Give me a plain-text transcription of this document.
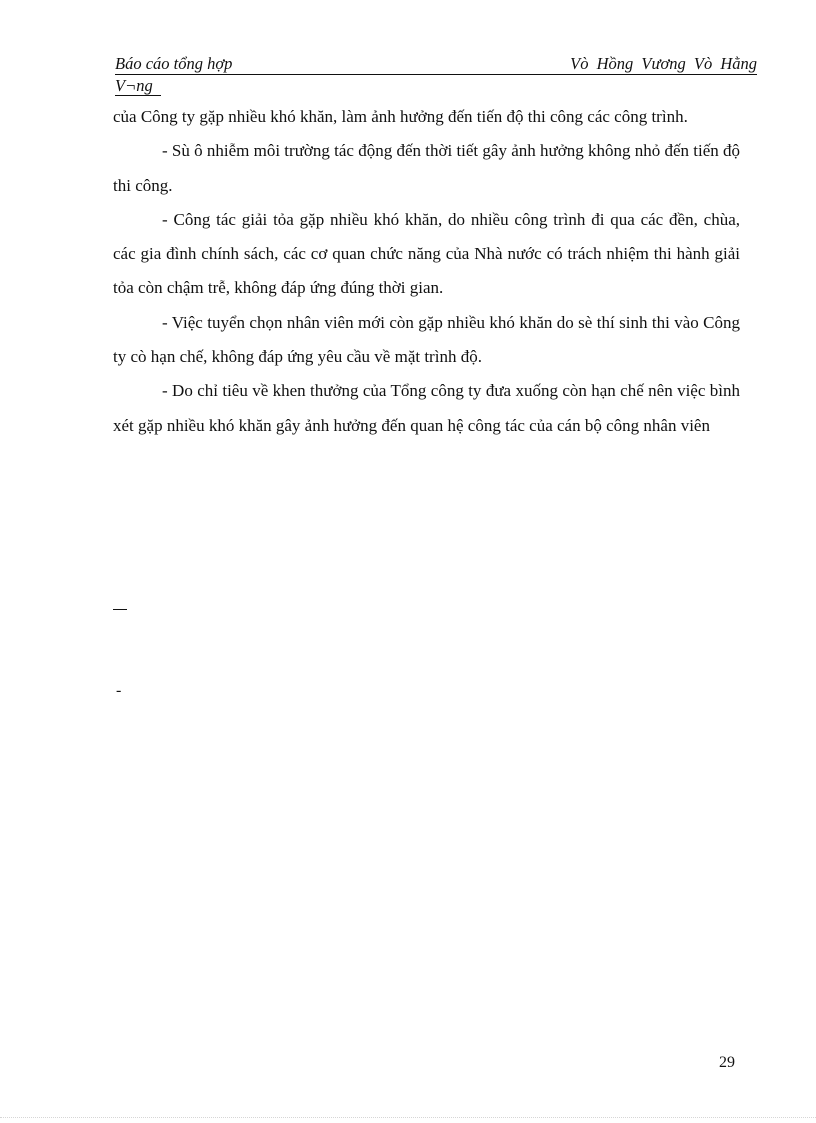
Báo cáo tổng hợp	Vò Hồng Vương Vò Hằng
V¬ng

của Công ty gặp nhiều khó khăn, làm ảnh hưởng đến tiến độ thi công các công trình.

- Sù ô nhiễm môi trường tác động đến thời tiết gây ảnh hưởng không nhỏ đến tiến độ thi công.

- Công tác giải tỏa gặp nhiều khó khăn, do nhiều công trình đi qua các đền, chùa, các gia đình chính sách, các cơ quan chức năng của Nhà nước có trách nhiệm thi hành giải tỏa còn chậm trễ, không đáp ứng đúng thời gian.

- Việc tuyển chọn nhân viên mới còn gặp nhiều khó khăn do sè thí sinh thi vào Công ty cò hạn chế, không đáp ứng yêu cầu về mặt trình độ.

- Do chỉ tiêu về khen thưởng của Tổng công ty đưa xuống còn hạn chế nên việc bình xét gặp nhiều khó khăn gây ảnh hưởng đến quan hệ công tác của cán bộ công nhân viên

-
29
